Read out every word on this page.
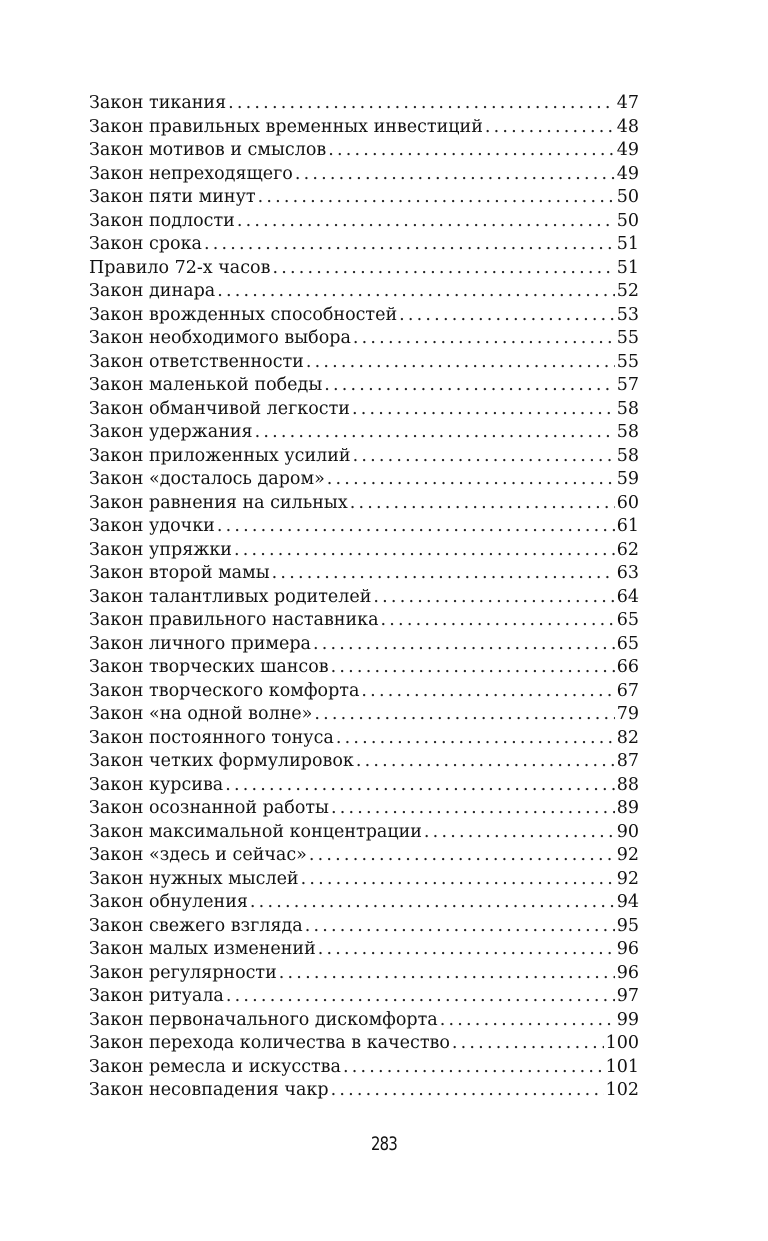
Закон тикания .....	47
Закон правильных временных инвестиций .....	48
Закон мотивов и смыслов .....	49
Закон непреходящего .....	49
Закон пяти минут .....	50
Закон подлости .....	50
Закон срока .....	51
Правило 72-х часов .....	51
Закон динара .....	52
Закон врожденных способностей .....	53
Закон необходимого выбора .....	55
Закон ответственности .....	55
Закон маленькой победы .....	57
Закон обманчивой легкости .....	58
Закон удержания .....	58
Закон приложенных усилий .....	58
Закон «досталось даром» .....	59
Закон равнения на сильных .....	60
Закон удочки .....	61
Закон упряжки .....	62
Закон второй мамы .....	63
Закон талантливых родителей .....	64
Закон правильного наставника .....	65
Закон личного примера .....	65
Закон творческих шансов .....	66
Закон творческого комфорта .....	67
Закон «на одной волне» .....	79
Закон постоянного тонуса .....	82
Закон четких формулировок .....	87
Закон курсива .....	88
Закон осознанной работы .....	89
Закон максимальной концентрации .....	90
Закон «здесь и сейчас» .....	92
Закон нужных мыслей .....	92
Закон обнуления .....	94
Закон свежего взгляда .....	95
Закон малых изменений .....	96
Закон регулярности .....	96
Закон ритуала .....	97
Закон первоначального дискомфорта .....	99
Закон перехода количества в качество .....	100
Закон ремесла и искусства .....	101
Закон несовпадения чакр .....	102
283
